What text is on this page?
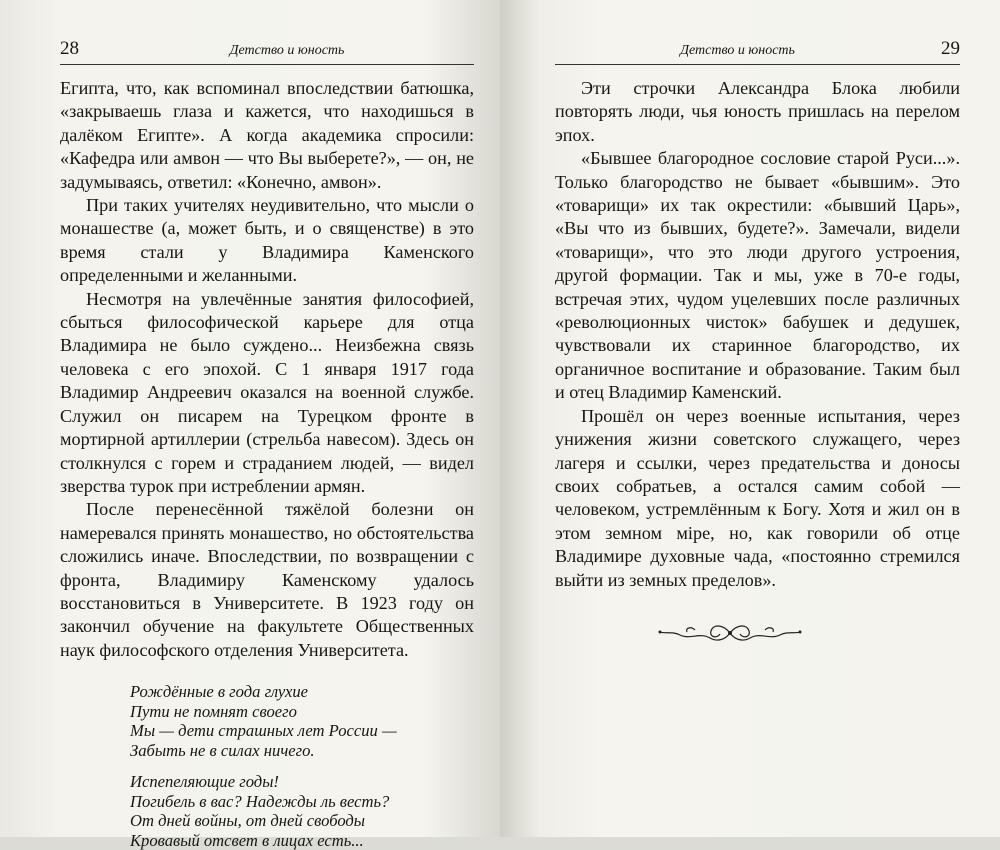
28	Детство и юность

Египта, что, как вспоминал впоследствии батюшка, «закрываешь глаза и кажется, что находишься в далёком Египте». А когда академика спросили: «Кафедра или амвон — что Вы выберете?», — он, не задумываясь, ответил: «Конечно, амвон».

При таких учителях неудивительно, что мысли о монашестве (а, может быть, и о священстве) в это время стали у Владимира Каменского определенными и желанными.

Несмотря на увлечённые занятия философией, сбыться философической карьере для отца Владимира не было суждено... Неизбежна связь человека с его эпохой. С 1 января 1917 года Владимир Андреевич оказался на военной службе. Служил он писарем на Турецком фронте в мортирной артиллерии (стрельба навесом). Здесь он столкнулся с горем и страданием людей, — видел зверства турок при истреблении армян.

После перенесённой тяжёлой болезни он намеревался принять монашество, но обстоятельства сложились иначе. Впоследствии, по возвращении с фронта, Владимиру Каменскому удалось восстановиться в Университете. В 1923 году он закончил обучение на факультете Общественных наук философского отделения Университета.

Рождённые в года глухие
Пути не помнят своего
Мы — дети страшных лет России —
Забыть не в силах ничего.
Испепеляющие годы!
Погибель в вас? Надежды ль весть?
От дней войны, от дней свободы
Кровавый отсвет в лицах есть...
Детство и юность	29

Эти строчки Александра Блока любили повторять люди, чья юность пришлась на перелом эпох.

«Бывшее благородное сословие старой Руси...». Только благородство не бывает «бывшим». Это «товарищи» их так окрестили: «бывший Царь», «Вы что из бывших, будете?». Замечали, видели «товарищи», что это люди другого устроения, другой формации. Так и мы, уже в 70-е годы, встречая этих, чудом уцелевших после различных «революционных чисток» бабушек и дедушек, чувствовали их старинное благородство, их органичное воспитание и образование. Таким был и отец Владимир Каменский.

Прошёл он через военные испытания, через унижения жизни советского служащего, через лагеря и ссылки, через предательства и доносы своих собратьев, а остался самим собой — человеком, устремлённым к Богу. Хотя и жил он в этом земном міре, но, как говорили об отце Владимире духовные чада, «постоянно стремился выйти из земных пределов».
